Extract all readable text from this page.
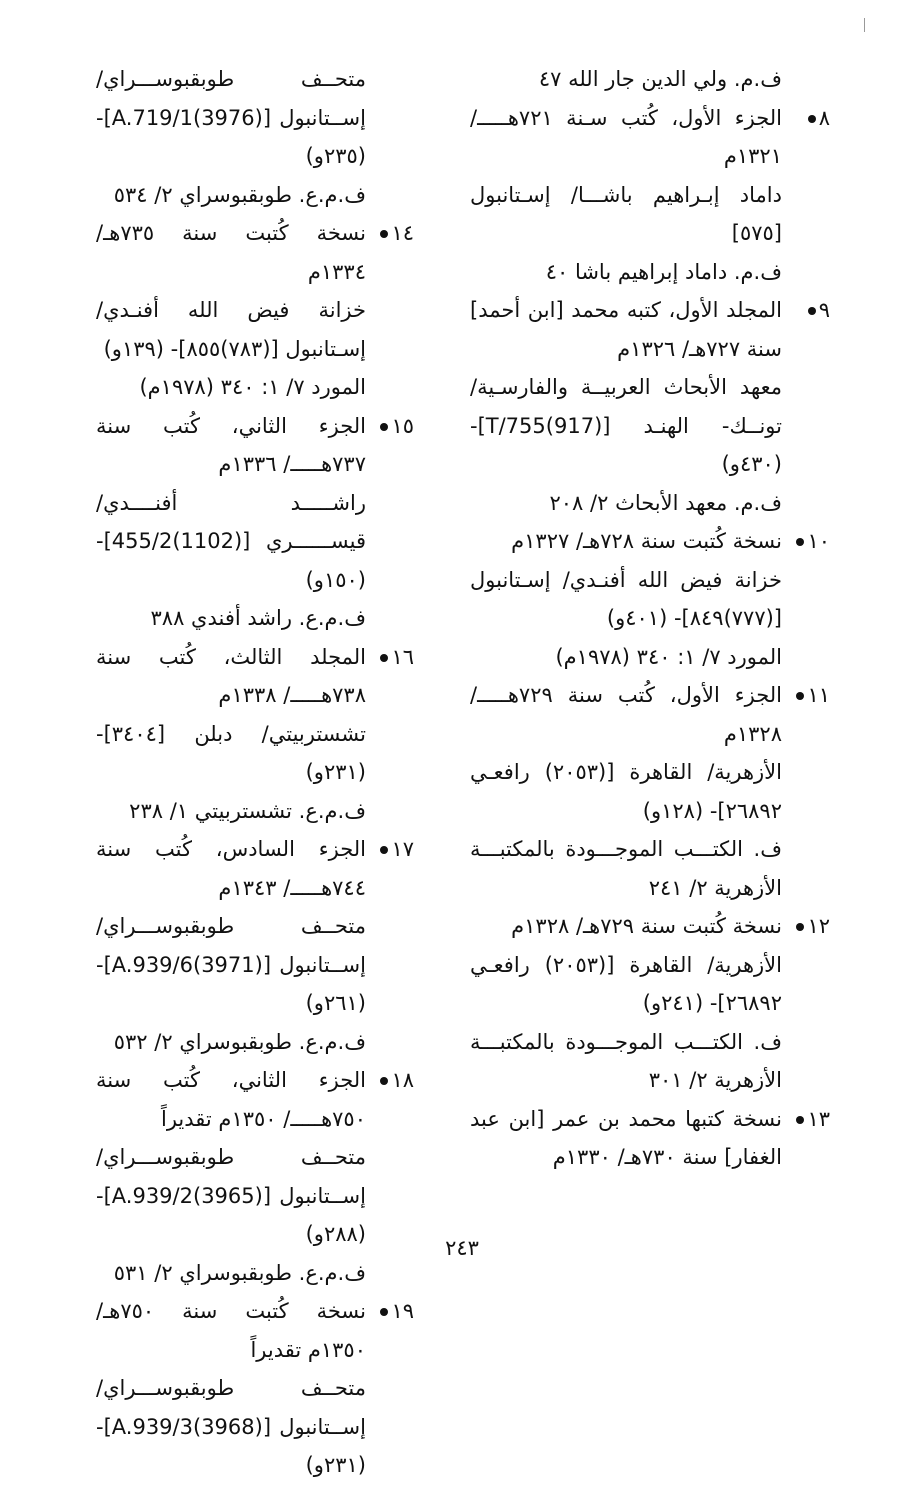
ف.م. ولي الدين جار الله ٤٧
٨
الجزء الأول، كُتب سـنة ٧٢١هـــــ/ ١٣٢١م
داماد إبـراهيم باشـــا/ إسـتانبول [٥٧٥]
ف.م. داماد إبراهيم باشا ٤٠
٩
المجلد الأول، كتبه محمد [ابن أحمد] سنة ٧٢٧هـ/ ١٣٢٦م
معهد الأبحاث العربيــة والفارسـية/ تونــك- الهنـد [(917)T/755]- (٤٣٠و)
ف.م. معهد الأبحاث ٢/ ٢٠٨
١٠
نسخة كُتبت سنة ٧٢٨هـ/ ١٣٢٧م
خزانة فيض الله أفنـدي/ إسـتانبول [(٧٧٧)٨٤٩]- (٤٠١و)
المورد ٧/ ١: ٣٤٠ (١٩٧٨م)
١١
الجزء الأول، كُتب سنة ٧٢٩هـــــ/ ١٣٢٨م
الأزهرية/ القاهرة [(٢٠٥٣) رافعـي ٢٦٨٩٢]- (١٢٨و)
ف. الكتـــب الموجـــودة بالمكتبـــة الأزهرية ٢/ ٢٤١
١٢
نسخة كُتبت سنة ٧٢٩هـ/ ١٣٢٨م
الأزهرية/ القاهرة [(٢٠٥٣) رافعـي ٢٦٨٩٢]- (٢٤١و)
ف. الكتـــب الموجـــودة بالمكتبـــة الأزهرية ٢/ ٣٠١
١٣
نسخة كتبها محمد بن عمر [ابن عبد الغفار] سنة ٧٣٠هـ/ ١٣٣٠م
متحــف طوبقبوســـراي/ إســتانبول [(3976)A.719/1]- (٢٣٥و)
ف.م.ع. طوبقبوسراي ٢/ ٥٣٤
١٤
نسخة كُتبت سنة ٧٣٥هـ/ ١٣٣٤م
خزانة فيض الله أفنـدي/ إسـتانبول [(٧٨٣)٨٥٥]- (١٣٩و)
المورد ٧/ ١: ٣٤٠ (١٩٧٨م)
١٥
الجزء الثاني، كُتب سنة ٧٣٧هـــــ/ ١٣٣٦م
راشـــــد أفنــــدي/ قيســــــري [(1102)455/2]- (١٥٠و)
ف.م.ع. راشد أفندي ٣٨٨
١٦
المجلد الثالث، كُتب سنة ٧٣٨هـــــ/ ١٣٣٨م
تشستربيتي/ دبلن [٣٤٠٤]- (٢٣١و)
ف.م.ع. تشستربيتي ١/ ٢٣٨
١٧
الجزء السادس، كُتب سنة ٧٤٤هـــــ/ ١٣٤٣م
متحــف طوبقبوســـراي/ إســتانبول [(3971)A.939/6]- (٢٦١و)
ف.م.ع. طوبقبوسراي ٢/ ٥٣٢
١٨
الجزء الثاني، كُتب سنة ٧٥٠هـــــ/ ١٣٥٠م تقديراً
متحــف طوبقبوســـراي/ إســتانبول [(3965)A.939/2]- (٢٨٨و)
ف.م.ع. طوبقبوسراي ٢/ ٥٣١
١٩
نسخة كُتبت سنة ٧٥٠هـ/ ١٣٥٠م تقديراً
متحــف طوبقبوســـراي/ إســتانبول [(3968)A.939/3]- (٢٣١و)
٢٤٣
